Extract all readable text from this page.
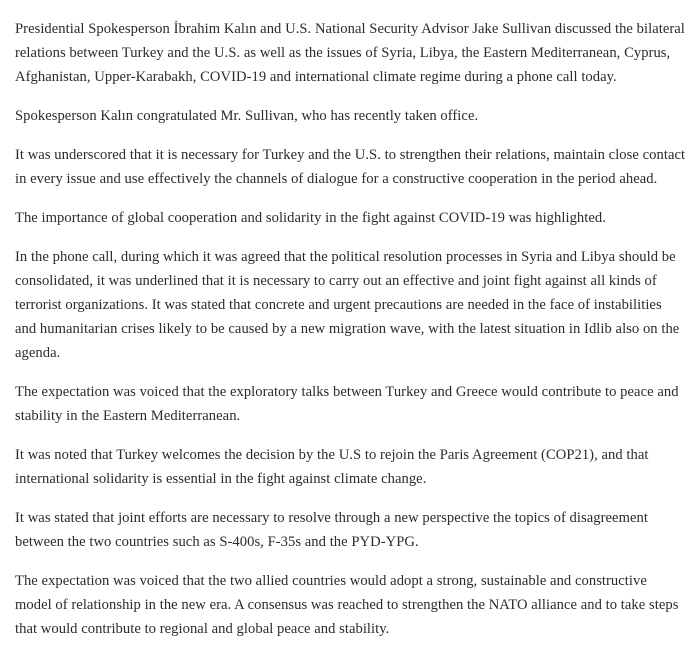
Presidential Spokesperson İbrahim Kalın and U.S. National Security Advisor Jake Sullivan discussed the bilateral relations between Turkey and the U.S. as well as the issues of Syria, Libya, the Eastern Mediterranean, Cyprus, Afghanistan, Upper-Karabakh, COVID-19 and international climate regime during a phone call today.

Spokesperson Kalın congratulated Mr. Sullivan, who has recently taken office.

It was underscored that it is necessary for Turkey and the U.S. to strengthen their relations, maintain close contact in every issue and use effectively the channels of dialogue for a constructive cooperation in the period ahead.

The importance of global cooperation and solidarity in the fight against COVID-19 was highlighted.

In the phone call, during which it was agreed that the political resolution processes in Syria and Libya should be consolidated, it was underlined that it is necessary to carry out an effective and joint fight against all kinds of terrorist organizations. It was stated that concrete and urgent precautions are needed in the face of instabilities and humanitarian crises likely to be caused by a new migration wave, with the latest situation in Idlib also on the agenda.

The expectation was voiced that the exploratory talks between Turkey and Greece would contribute to peace and stability in the Eastern Mediterranean.

It was noted that Turkey welcomes the decision by the U.S to rejoin the Paris Agreement (COP21), and that international solidarity is essential in the fight against climate change.

It was stated that joint efforts are necessary to resolve through a new perspective the topics of disagreement between the two countries such as S-400s, F-35s and the PYD-YPG.

The expectation was voiced that the two allied countries would adopt a strong, sustainable and constructive model of relationship in the new era. A consensus was reached to strengthen the NATO alliance and to take steps that would contribute to regional and global peace and stability.
